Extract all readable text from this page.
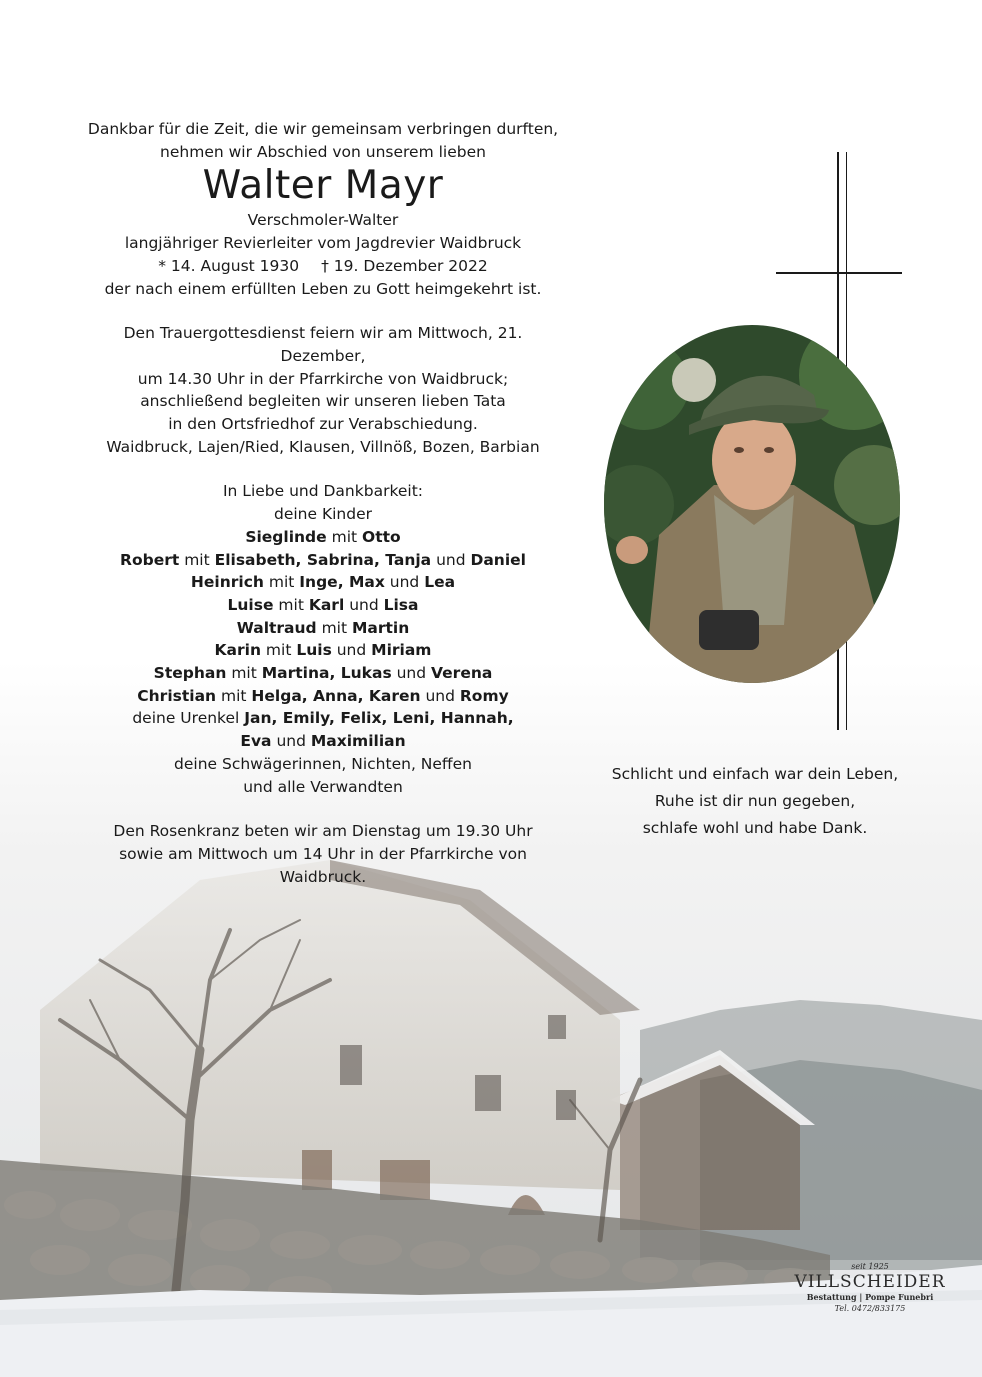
Dankbar für die Zeit, die wir gemeinsam verbringen durften,

nehmen wir Abschied von unserem lieben

Walter Mayr

Verschmoler-Walter

langjähriger Revierleiter vom Jagdrevier Waidbruck

* 14. August 1930 † 19. Dezember 2022

der nach einem erfüllten Leben zu Gott heimgekehrt ist.

Den Trauergottesdienst feiern wir am Mittwoch, 21. Dezember,

um 14.30 Uhr in der Pfarrkirche von Waidbruck;

anschließend begleiten wir unseren lieben Tata

in den Ortsfriedhof zur Verabschiedung.

Waidbruck, Lajen/Ried, Klausen, Villnöß, Bozen, Barbian

In Liebe und Dankbarkeit:

deine Kinder

Sieglinde mit Otto

Robert mit Elisabeth, Sabrina, Tanja und Daniel

Heinrich mit Inge, Max und Lea

Luise mit Karl und Lisa

Waltraud mit Martin

Karin mit Luis und Miriam

Stephan mit Martina, Lukas und Verena

Christian mit Helga, Anna, Karen und Romy

deine Urenkel Jan, Emily, Felix, Leni, Hannah,

Eva und Maximilian

deine Schwägerinnen, Nichten, Neffen

und alle Verwandten

Den Rosenkranz beten wir am Dienstag um 19.30 Uhr

sowie am Mittwoch um 14 Uhr in der Pfarrkirche von Waidbruck.

Schlicht und einfach war dein Leben,

Ruhe ist dir nun gegeben,

schlafe wohl und habe Dank.

seit 1925
VILLSCHEIDER
Bestattung | Pompe Funebri
Tel. 0472/833175
